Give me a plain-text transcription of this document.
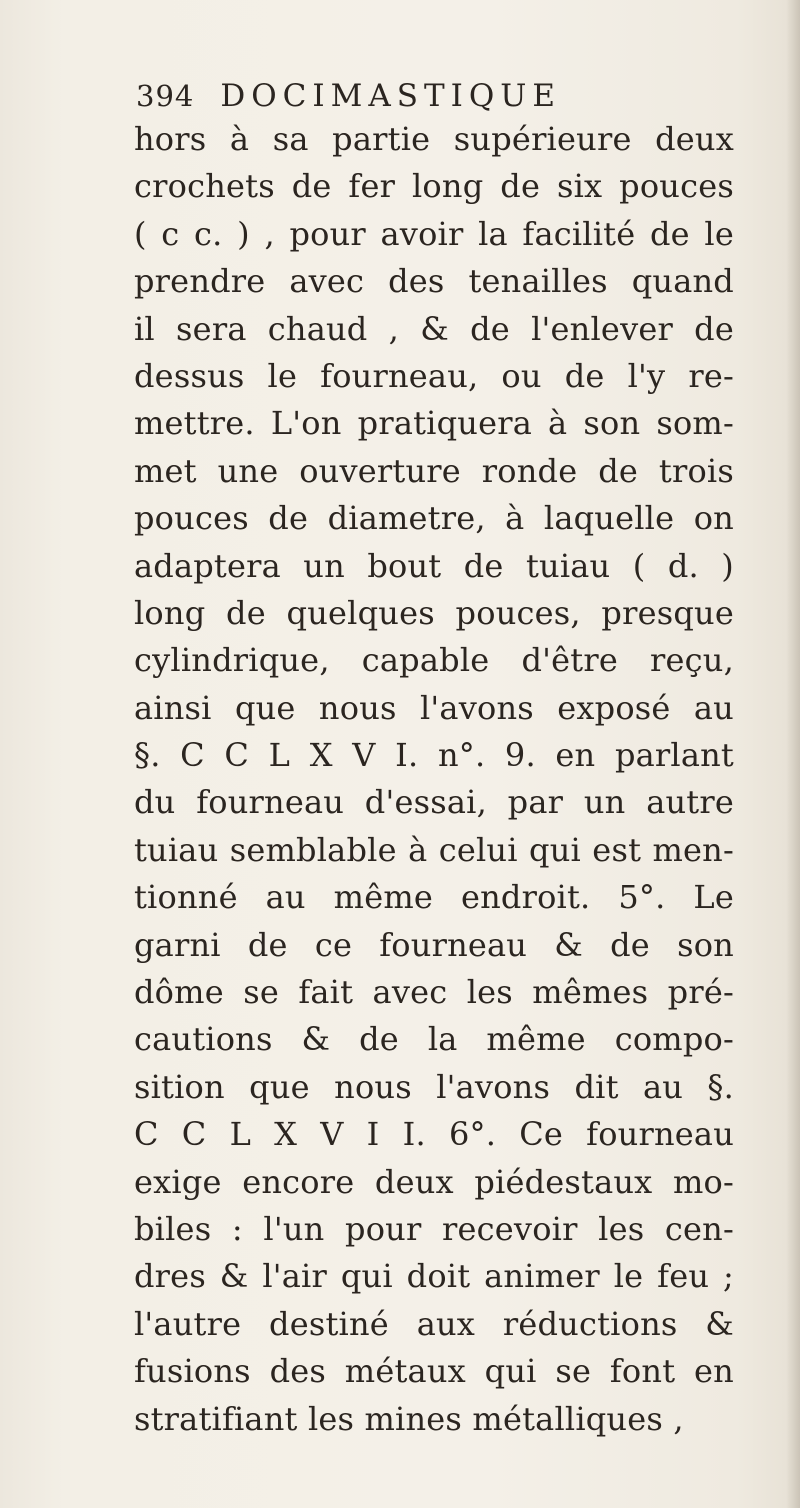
394 DOCIMASTIQUE
hors à sa partie supérieure deux
crochets de fer long de six pouces
( c c. ) , pour avoir la facilité de le
prendre avec des tenailles quand
il sera chaud , & de l'enlever de
dessus le fourneau, ou de l'y re-
mettre. L'on pratiquera à son som-
met une ouverture ronde de trois
pouces de diametre, à laquelle on
adaptera un bout de tuiau ( d. )
long de quelques pouces, presque
cylindrique, capable d'être reçu,
ainsi que nous l'avons exposé au
§. C C L X V I. n°. 9. en parlant
du fourneau d'essai, par un autre
tuiau semblable à celui qui est men-
tionné au même endroit. 5°. Le
garni de ce fourneau & de son
dôme se fait avec les mêmes pré-
cautions & de la même compo-
sition que nous l'avons dit au §.
C C L X V I I. 6°. Ce fourneau
exige encore deux piédestaux mo-
biles : l'un pour recevoir les cen-
dres & l'air qui doit animer le feu ;
l'autre destiné aux réductions &
fusions des métaux qui se font en
stratifiant les mines métalliques ,
